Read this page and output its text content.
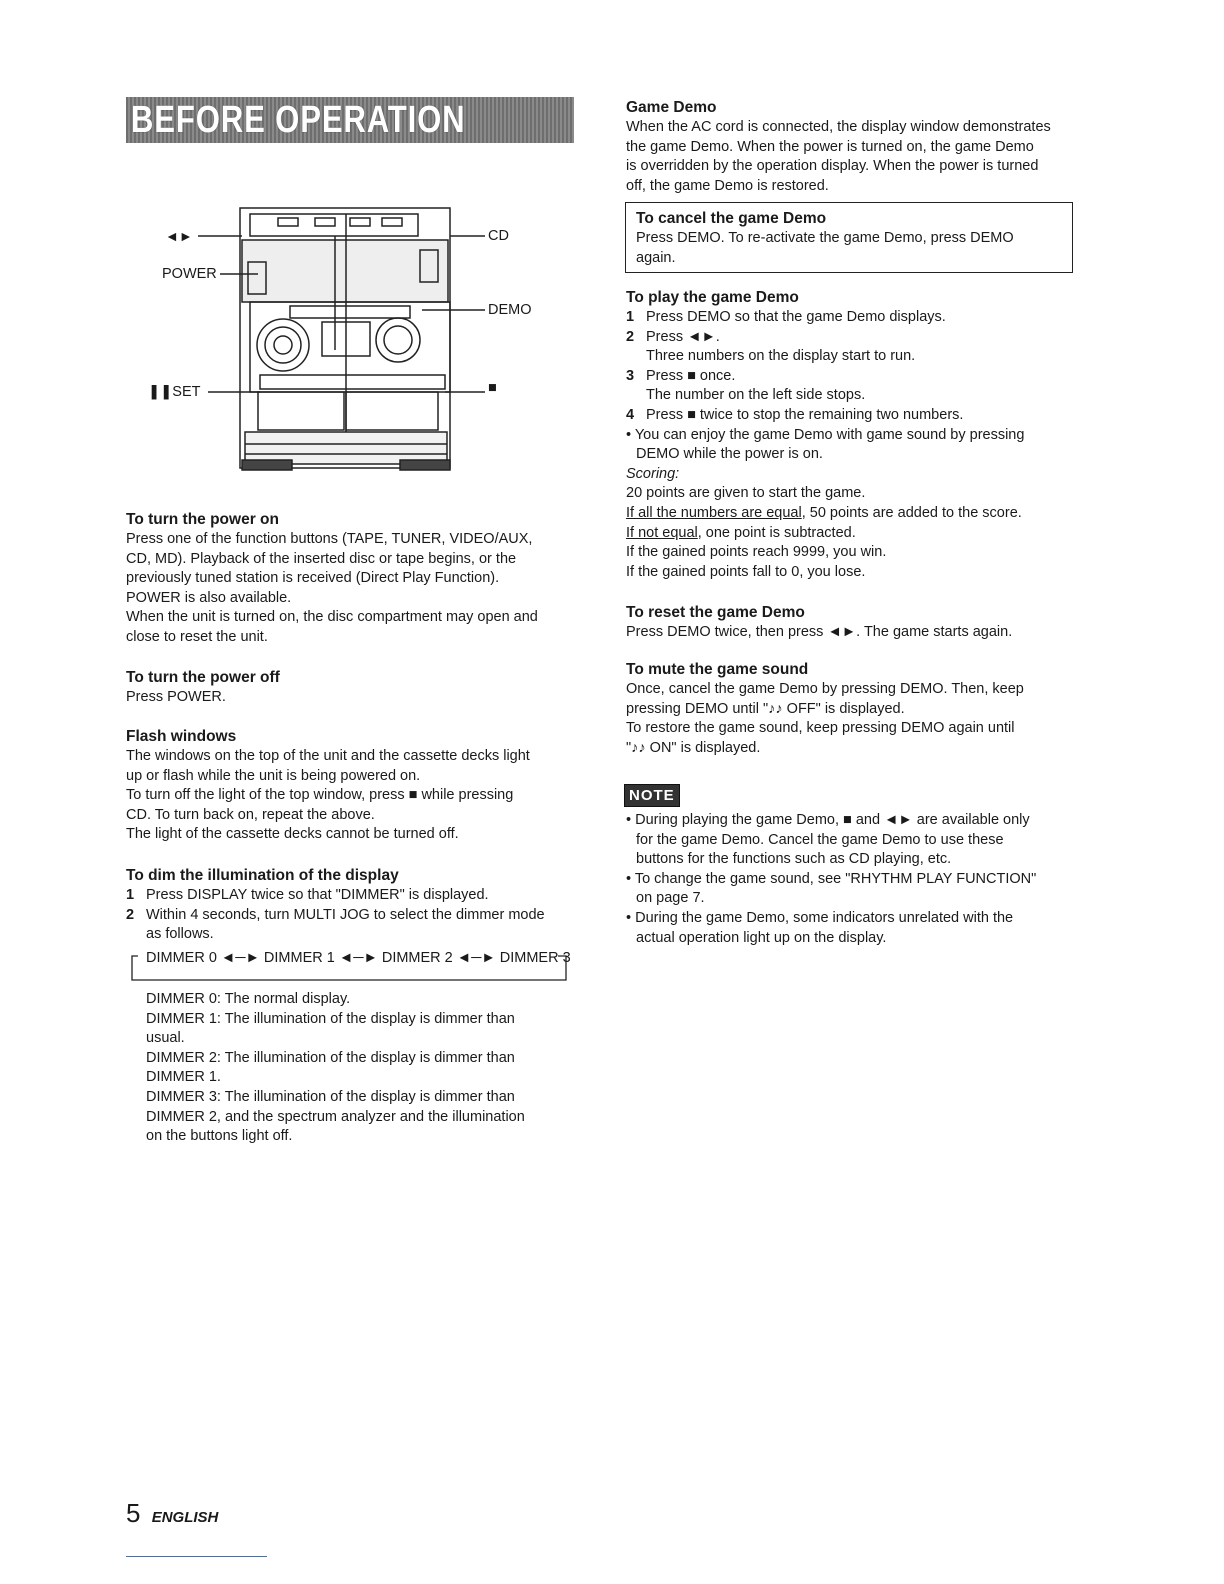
BEFORE OPERATION
◄►
POWER
❚❚SET
CD
DEMO
■

To turn the power on

Press one of the function buttons (TAPE, TUNER, VIDEO/AUX,

CD, MD). Playback of the inserted disc or tape begins, or the

previously tuned station is received (Direct Play Function).

POWER is also available.

When the unit is turned on, the disc compartment may open and

close to reset the unit.

To turn the power off

Press POWER.

Flash windows

The windows on the top of the unit and the cassette decks light

up or flash while the unit is being powered on.

To turn off the light of the top window, press ■ while pressing

CD. To turn back on, repeat the above.

The light of the cassette decks cannot be turned off.

To dim the illumination of the display

1 Press DISPLAY twice so that "DIMMER" is displayed.

2 Within 4 seconds, turn MULTI JOG to select the dimmer mode

as follows.

DIMMER 0 ◄─► DIMMER 1 ◄─► DIMMER 2 ◄─► DIMMER 3

DIMMER 0: The normal display.

DIMMER 1: The illumination of the display is dimmer than

usual.

DIMMER 2: The illumination of the display is dimmer than

DIMMER 1.

DIMMER 3: The illumination of the display is dimmer than

DIMMER 2, and the spectrum analyzer and the illumination

on the buttons light off.

Game Demo

When the AC cord is connected, the display window demonstrates

the game Demo. When the power is turned on, the game Demo

is overridden by the operation display. When the power is turned

off, the game Demo is restored.

To cancel the game Demo

Press DEMO. To re-activate the game Demo, press DEMO

again.

To play the game Demo

1 Press DEMO so that the game Demo displays.

2 Press ◄►.

Three numbers on the display start to run.

3 Press ■ once.

The number on the left side stops.

4 Press ■ twice to stop the remaining two numbers.

• You can enjoy the game Demo with game sound by pressing

DEMO while the power is on.

Scoring:

20 points are given to start the game.

If all the numbers are equal, 50 points are added to the score.

If not equal, one point is subtracted.

If the gained points reach 9999, you win.

If the gained points fall to 0, you lose.

To reset the game Demo

Press DEMO twice, then press ◄►. The game starts again.

To mute the game sound

Once, cancel the game Demo by pressing DEMO. Then, keep

pressing DEMO until "♪♪ OFF" is displayed.

To restore the game sound, keep pressing DEMO again until

"♪♪ ON" is displayed.

NOTE

• During playing the game Demo, ■ and ◄► are available only

for the game Demo. Cancel the game Demo to use these

buttons for the functions such as CD playing, etc.

• To change the game sound, see "RHYTHM PLAY FUNCTION"

on page 7.

• During the game Demo, some indicators unrelated with the

actual operation light up on the display.

5 ENGLISH
